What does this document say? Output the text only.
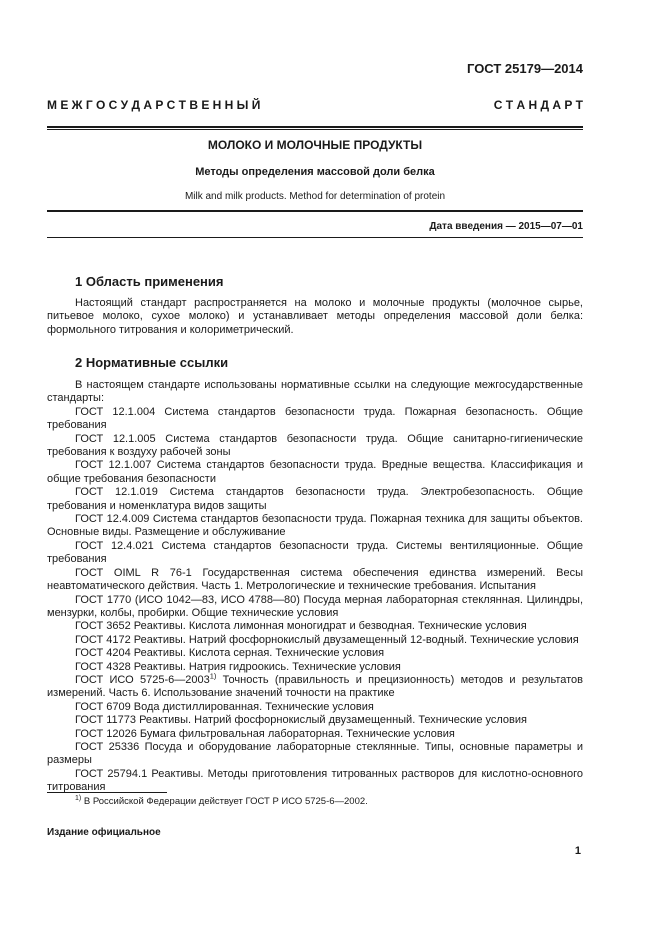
ГОСТ 25179—2014
М Е Ж Г О С У Д А Р С Т В Е Н Н Ы Й	С Т А Н Д А Р Т
МОЛОКО И МОЛОЧНЫЕ ПРОДУКТЫ
Методы определения массовой доли белка
Milk and milk products. Method for determination of protein
Дата введения — 2015—07—01
1 Область применения

Настоящий стандарт распространяется на молоко и молочные продукты (молочное сырье, питьевое молоко, сухое молоко) и устанавливает методы определения массовой доли белка: формольного титрования и колориметрический.

2 Нормативные ссылки

В настоящем стандарте использованы нормативные ссылки на следующие межгосударственные стандарты:

ГОСТ 12.1.004 Система стандартов безопасности труда. Пожарная безопасность. Общие требования

ГОСТ 12.1.005 Система стандартов безопасности труда. Общие санитарно-гигиенические требования к воздуху рабочей зоны

ГОСТ 12.1.007 Система стандартов безопасности труда. Вредные вещества. Классификация и общие требования безопасности

ГОСТ 12.1.019 Система стандартов безопасности труда. Электробезопасность. Общие требования и номенклатура видов защиты

ГОСТ 12.4.009 Система стандартов безопасности труда. Пожарная техника для защиты объектов. Основные виды. Размещение и обслуживание

ГОСТ 12.4.021 Система стандартов безопасности труда. Системы вентиляционные. Общие требования

ГОСТ OIML R 76-1 Государственная система обеспечения единства измерений. Весы неавтоматического действия. Часть 1. Метрологические и технические требования. Испытания

ГОСТ 1770 (ИСО 1042—83, ИСО 4788—80) Посуда мерная лабораторная стеклянная. Цилиндры, мензурки, колбы, пробирки. Общие технические условия

ГОСТ 3652 Реактивы. Кислота лимонная моногидрат и безводная. Технические условия

ГОСТ 4172 Реактивы. Натрий фосфорнокислый двузамещенный 12-водный. Технические условия

ГОСТ 4204 Реактивы. Кислота серная. Технические условия

ГОСТ 4328 Реактивы. Натрия гидроокись. Технические условия

ГОСТ ИСО 5725-6—2003$^{1)}$ Точность (правильность и прецизионность) методов и результатов измерений. Часть 6. Использование значений точности на практике

ГОСТ 6709 Вода дистиллированная. Технические условия

ГОСТ 11773 Реактивы. Натрий фосфорнокислый двузамещенный. Технические условия

ГОСТ 12026 Бумага фильтровальная лабораторная. Технические условия

ГОСТ 25336 Посуда и оборудование лабораторные стеклянные. Типы, основные параметры и размеры

ГОСТ 25794.1 Реактивы. Методы приготовления титрованных растворов для кислотно-основного титрования

$^{1)}$ В Российской Федерации действует ГОСТ Р ИСО 5725-6—2002.
Издание официальное
1
